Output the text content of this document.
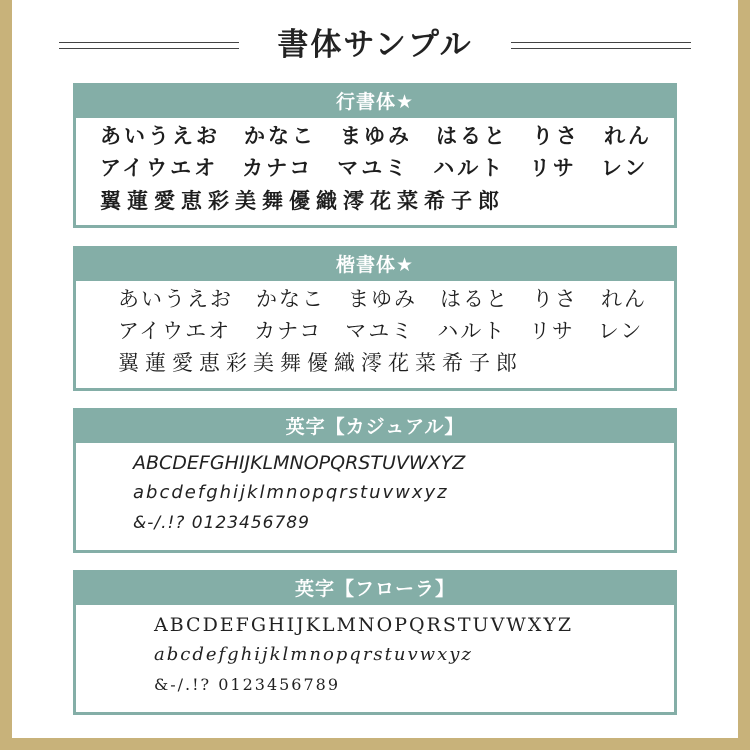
書体サンプル
行書体★
あいうえお　かなこ　まゆみ　はると　りさ　れん
アイウエオ　カナコ　マユミ　ハルト　リサ　レン
翼蓮愛恵彩美舞優織澪花菜希子郎
楷書体★
あいうえお　かなこ　まゆみ　はると　りさ　れん
アイウエオ　カナコ　マユミ　ハルト　リサ　レン
翼蓮愛恵彩美舞優織澪花菜希子郎
英字【カジュアル】
ABCDEFGHIJKLMNOPQRSTUVWXYZ
abcdefghijklmnopqrstuvwxyz
&-/.!? 0123456789
英字【フローラ】
ABCDEFGHIJKLMNOPQRSTUVWXYZ
abcdefghijklmnopqrstuvwxyz
&-/.!? 0123456789
